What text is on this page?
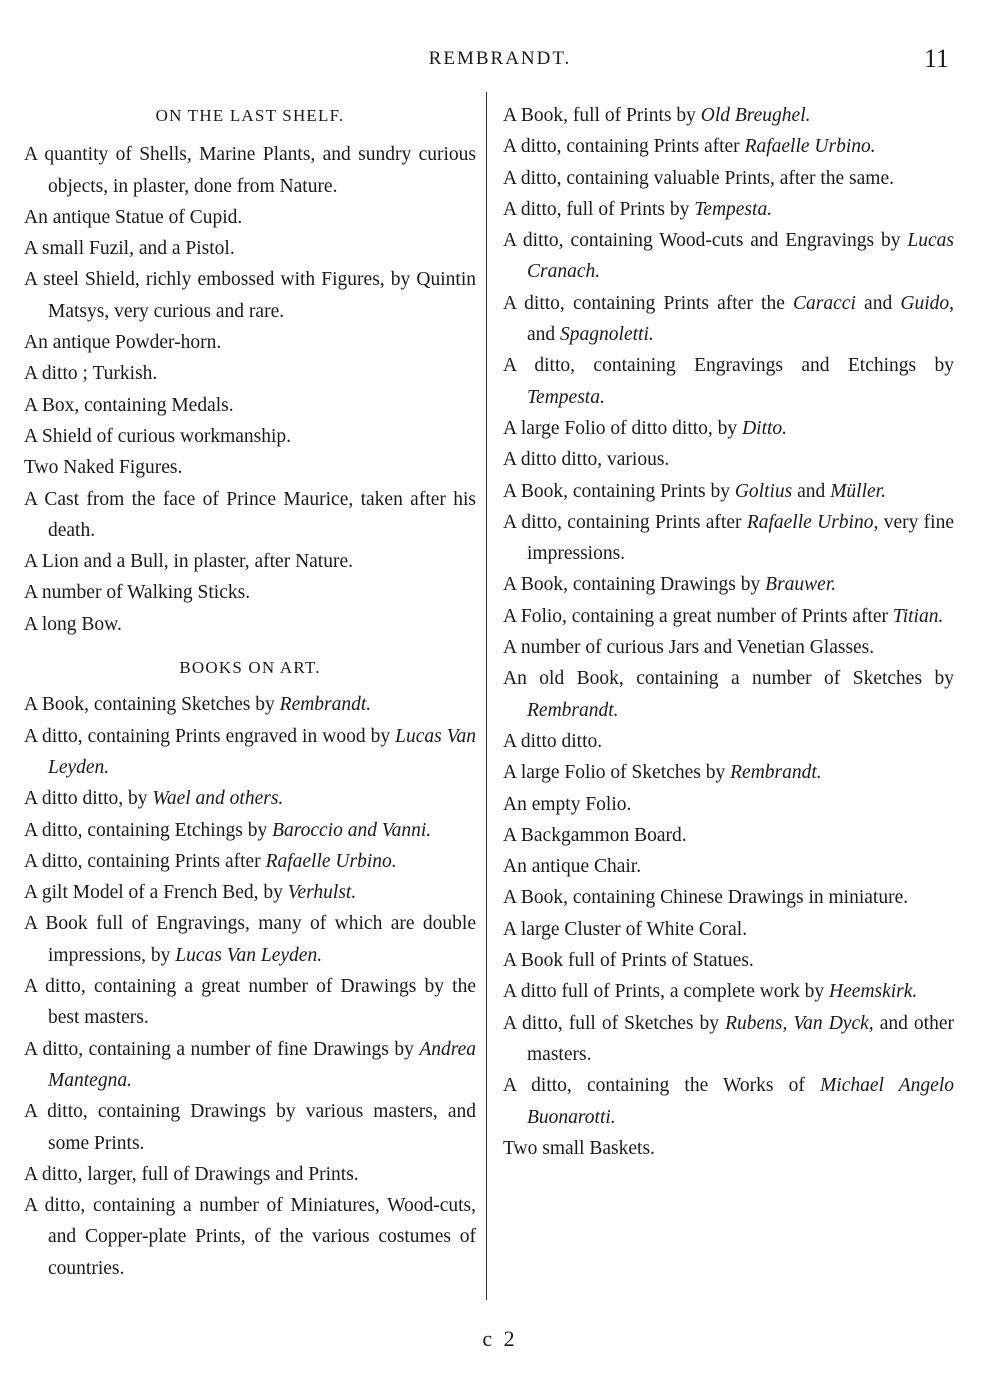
REMBRANDT.	11
ON THE LAST SHELF.

A quantity of Shells, Marine Plants, and sundry curious objects, in plaster, done from Nature.

An antique Statue of Cupid.

A small Fuzil, and a Pistol.

A steel Shield, richly embossed with Figures, by Quintin Matsys, very curious and rare.

An antique Powder-horn.

A ditto ; Turkish.

A Box, containing Medals.

A Shield of curious workmanship.

Two Naked Figures.

A Cast from the face of Prince Maurice, taken after his death.

A Lion and a Bull, in plaster, after Nature.

A number of Walking Sticks.

A long Bow.

BOOKS ON ART.

A Book, containing Sketches by Rembrandt.

A ditto, containing Prints engraved in wood by Lucas Van Leyden.

A ditto ditto, by Wael and others.

A ditto, containing Etchings by Baroccio and Vanni.

A ditto, containing Prints after Rafaelle Urbino.

A gilt Model of a French Bed, by Verhulst.

A Book full of Engravings, many of which are double impressions, by Lucas Van Leyden.

A ditto, containing a great number of Drawings by the best masters.

A ditto, containing a number of fine Drawings by Andrea Mantegna.

A ditto, containing Drawings by various masters, and some Prints.

A ditto, larger, full of Drawings and Prints.

A ditto, containing a number of Miniatures, Wood-cuts, and Copper-plate Prints, of the various costumes of countries.

A Book, full of Prints by Old Breughel.

A ditto, containing Prints after Rafaelle Urbino.

A ditto, containing valuable Prints, after the same.

A ditto, full of Prints by Tempesta.

A ditto, containing Wood-cuts and Engravings by Lucas Cranach.

A ditto, containing Prints after the Caracci and Guido, and Spagnoletti.

A ditto, containing Engravings and Etchings by Tempesta.

A large Folio of ditto ditto, by Ditto.

A ditto ditto, various.

A Book, containing Prints by Goltius and Müller.

A ditto, containing Prints after Rafaelle Urbino, very fine impressions.

A Book, containing Drawings by Brauwer.

A Folio, containing a great number of Prints after Titian.

A number of curious Jars and Venetian Glasses.

An old Book, containing a number of Sketches by Rembrandt.

A ditto ditto.

A large Folio of Sketches by Rembrandt.

An empty Folio.

A Backgammon Board.

An antique Chair.

A Book, containing Chinese Drawings in miniature.

A large Cluster of White Coral.

A Book full of Prints of Statues.

A ditto full of Prints, a complete work by Heemskirk.

A ditto, full of Sketches by Rubens, Van Dyck, and other masters.

A ditto, containing the Works of Michael Angelo Buonarotti.

Two small Baskets.

c 2
